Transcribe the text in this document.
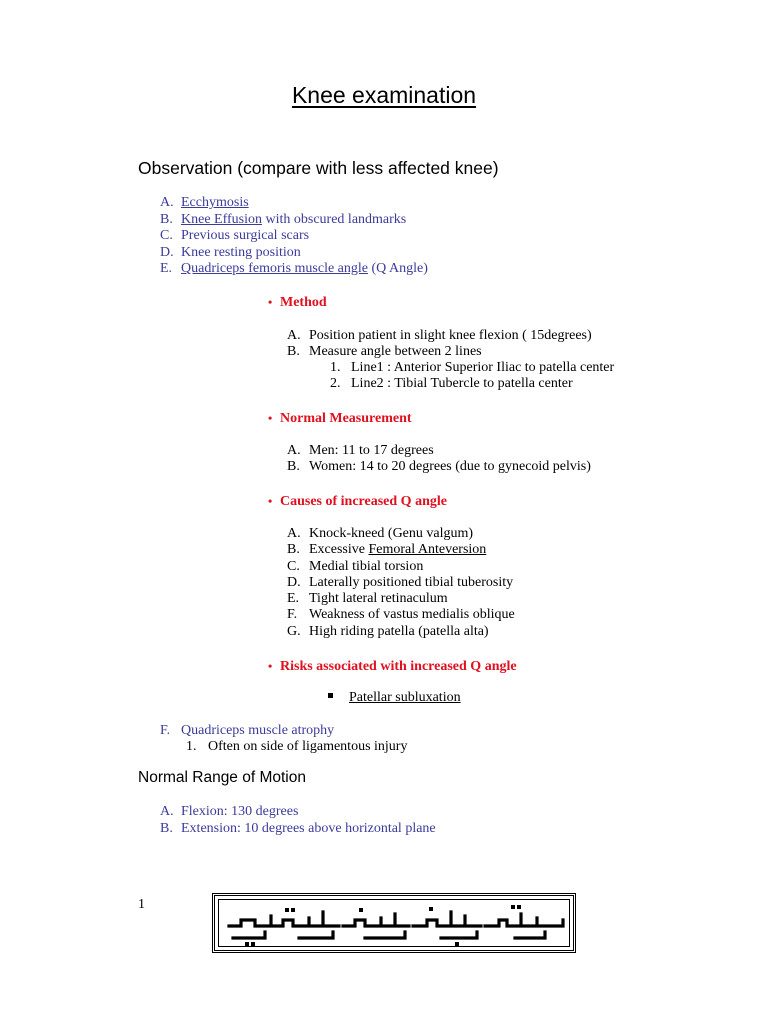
Knee examination
Observation (compare with less affected knee)
A. Ecchymosis
B. Knee Effusion with obscured landmarks
C. Previous surgical scars
D. Knee resting position
E. Quadriceps femoris muscle angle (Q Angle)
• Method
A. Position patient in slight knee flexion ( 15degrees)
B. Measure angle between 2 lines
1. Line1 : Anterior Superior Iliac to patella center
2. Line2 : Tibial Tubercle to patella center
• Normal Measurement
A. Men: 11 to 17 degrees
B. Women: 14 to 20 degrees (due to gynecoid pelvis)
• Causes of increased Q angle
A. Knock-kneed (Genu valgum)
B. Excessive Femoral Anteversion
C. Medial tibial torsion
D. Laterally positioned tibial tuberosity
E. Tight lateral retinaculum
F. Weakness of vastus medialis oblique
G. High riding patella (patella alta)
• Risks associated with increased Q angle
Patellar subluxation
F. Quadriceps muscle atrophy
1. Often on side of ligamentous injury
Normal Range of Motion
A. Flexion: 130 degrees
B. Extension: 10 degrees above horizontal plane
1
